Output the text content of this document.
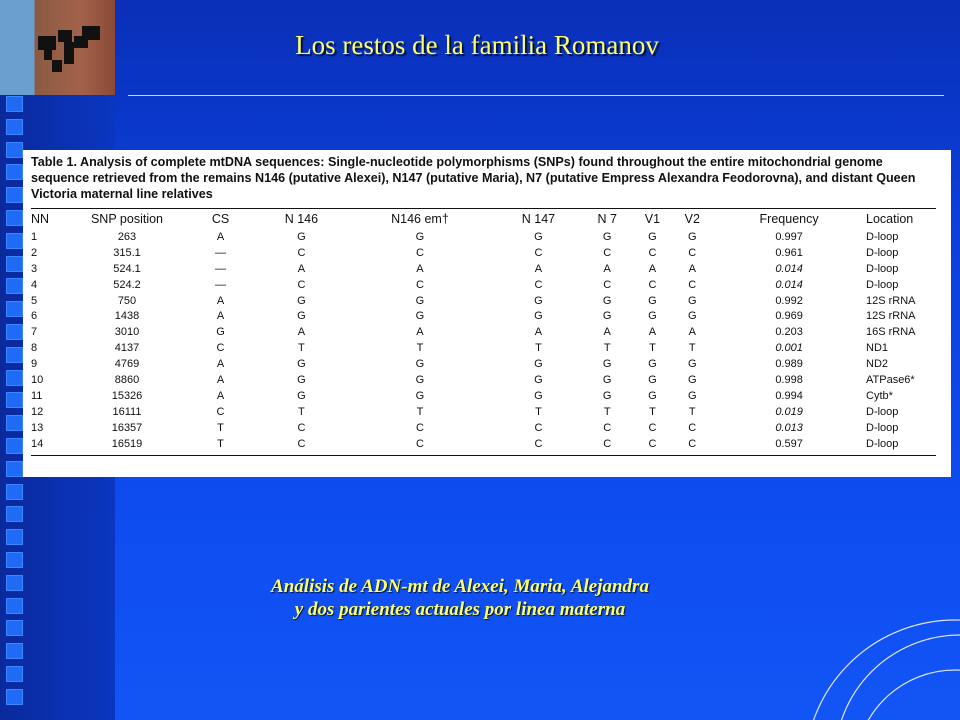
Los restos de la familia Romanov
Table 1. Analysis of complete mtDNA sequences: Single-nucleotide polymorphisms (SNPs) found throughout the entire mitochondrial genome sequence retrieved from the remains N146 (putative Alexei), N147 (putative Maria), N7 (putative Empress Alexandra Feodorovna), and distant Queen Victoria maternal line relatives
NN	SNP position	CS	N 146	N146 em†	N 147	N 7	V1	V2	Frequency	Location
1	263	A	G	G	G	G	G	G	0.997	D-loop
2	315.1	—	C	C	C	C	C	C	0.961	D-loop
3	524.1	—	A	A	A	A	A	A	0.014	D-loop
4	524.2	—	C	C	C	C	C	C	0.014	D-loop
5	750	A	G	G	G	G	G	G	0.992	12S rRNA
6	1438	A	G	G	G	G	G	G	0.969	12S rRNA
7	3010	G	A	A	A	A	A	A	0.203	16S rRNA
8	4137	C	T	T	T	T	T	T	0.001	ND1
9	4769	A	G	G	G	G	G	G	0.989	ND2
10	8860	A	G	G	G	G	G	G	0.998	ATPase6*
11	15326	A	G	G	G	G	G	G	0.994	Cytb*
12	16111	C	T	T	T	T	T	T	0.019	D-loop
13	16357	T	C	C	C	C	C	C	0.013	D-loop
14	16519	T	C	C	C	C	C	C	0.597	D-loop
Análisis de ADN-mt de Alexei, Maria, Alejandra
y dos parientes actuales por linea materna
